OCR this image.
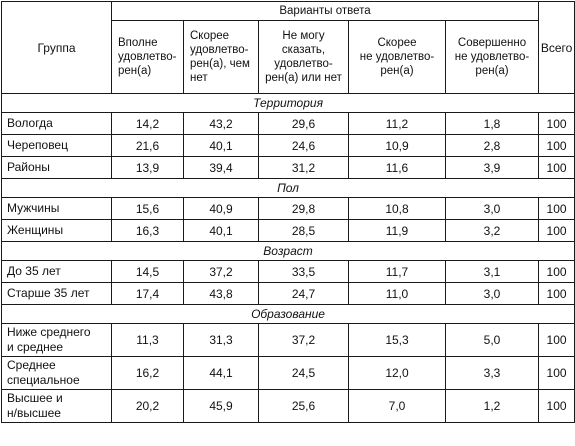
Группа	Варианты ответа					Всего
	Вполне
удовлетво-
рен(а)	Скорее
удовлетво-
рен(а), чем
нет	Не могу
сказать,
удовлетво-
рен(а) или нет	Скорее
не удовлетво-
рен(а)	Совершенно
не удовлетво-
рен(а)	
Территория						
Вологда	14,2	43,2	29,6	11,2	1,8	100
Череповец	21,6	40,1	24,6	10,9	2,8	100
Районы	13,9	39,4	31,2	11,6	3,9	100
Пол						
Мужчины	15,6	40,9	29,8	10,8	3,0	100
Женщины	16,3	40,1	28,5	11,9	3,2	100
Возраст						
До 35 лет	14,5	37,2	33,5	11,7	3,1	100
Старше 35 лет	17,4	43,8	24,7	11,0	3,0	100
Образование						
Ниже среднего
и среднее	11,3	31,3	37,2	15,3	5,0	100
Среднее
специальное	16,2	44,1	24,5	12,0	3,3	100
Высшее и
н/высшее	20,2	45,9	25,6	7,0	1,2	100
